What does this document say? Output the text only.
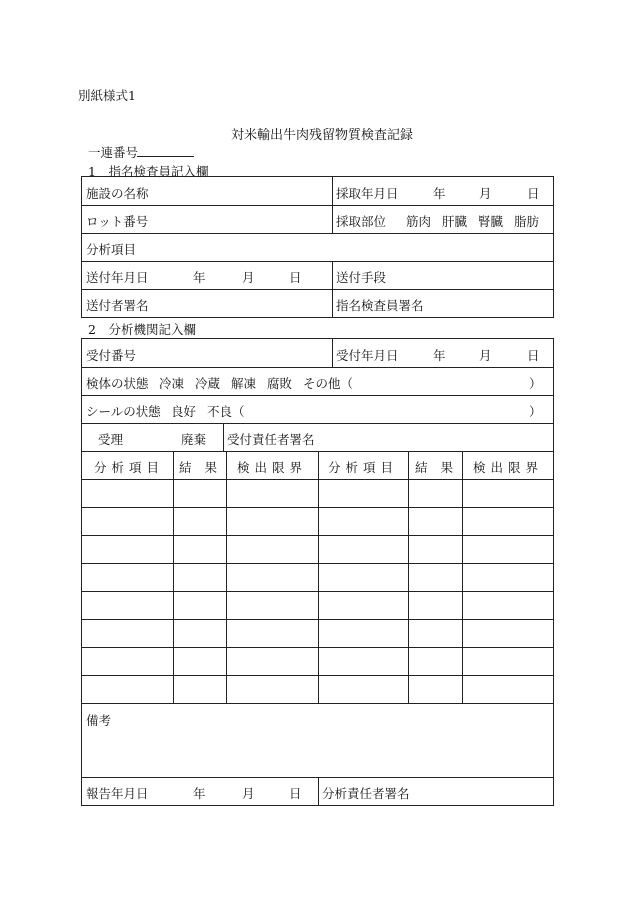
別紙様式1
対米輸出牛肉残留物質検査記録
一連番号
1　指名検査員記入欄
施設の名称	採取年月日	年	月	日
ロット番号	採取部位 筋肉 肝臓 腎臓 脂肪
分析項目
送付年月日	年	月	日	送付手段
送付者署名	指名検査員署名
2　分析機関記入欄
受付番号	受付年月日	年	月	日
検体の状態 冷凍 冷蔵 解凍 腐敗 その他（	）
シールの状態 良好 不良（	）
受理	廃棄 受付責任者署名
分析項目 結果 検出限界 分析項目 結果 検出限界
備考
報告年月日	年	月	日 分析責任者署名
